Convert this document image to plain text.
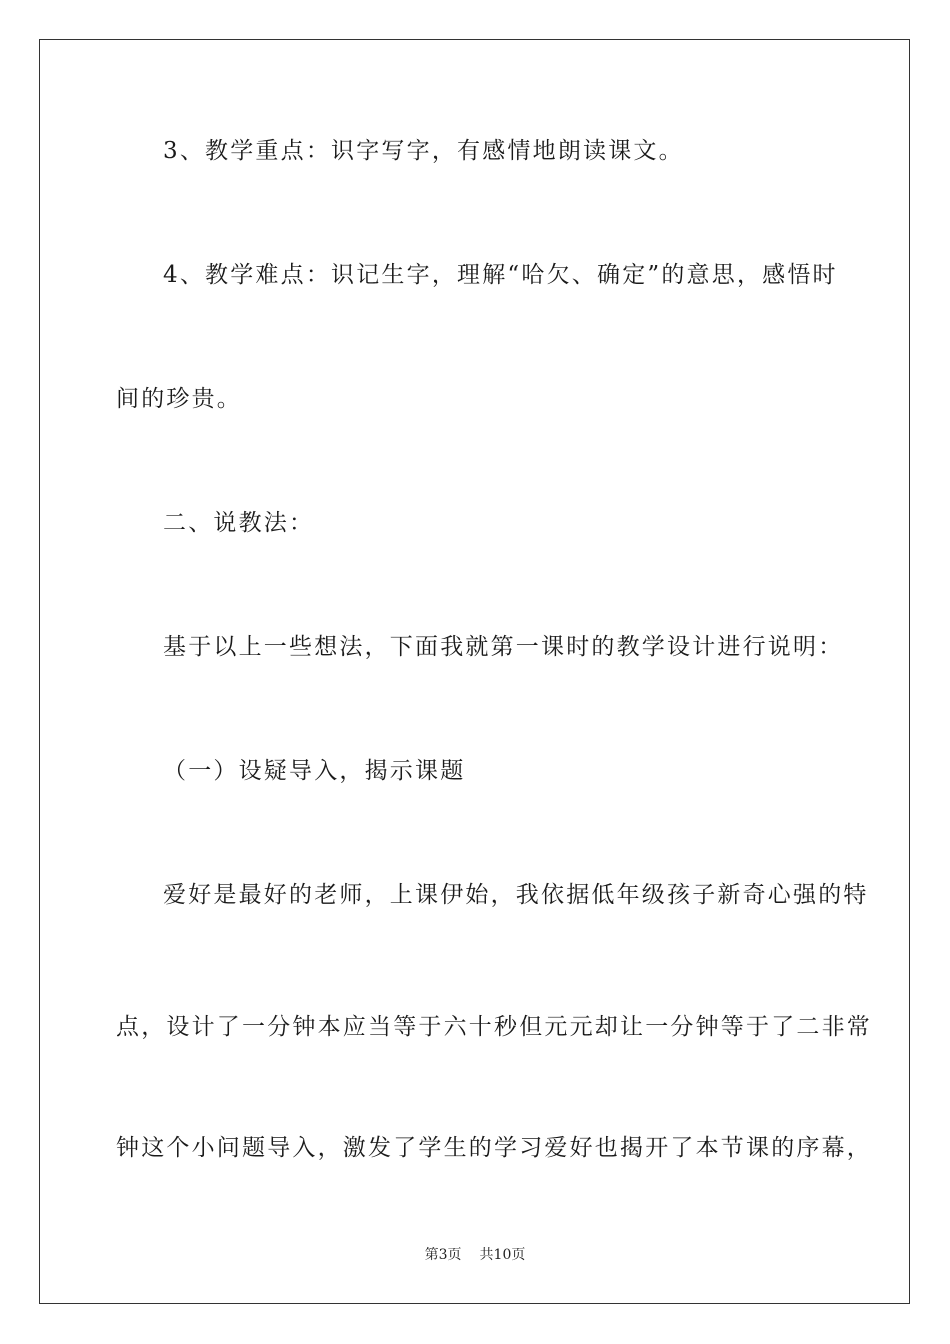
3、教学重点：识字写字，有感情地朗读课文。
4、教学难点：识记生字，理解“哈欠、确定”的意思，感悟时
间的珍贵。
二、说教法：
基于以上一些想法，下面我就第一课时的教学设计进行说明：
（一）设疑导入，揭示课题
爱好是最好的老师，上课伊始，我依据低年级孩子新奇心强的特
点，设计了一分钟本应当等于六十秒但元元却让一分钟等于了二非常
钟这个小问题导入，激发了学生的学习爱好也揭开了本节课的序幕，
第3页 共10页
